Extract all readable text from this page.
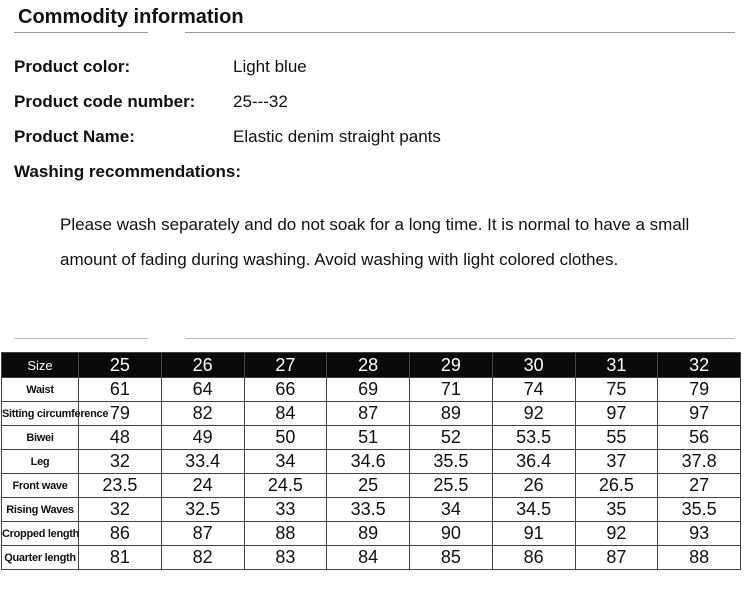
Commodity information
Product color:	Light blue
Product code number: 25---32
Product Name:	Elastic denim straight pants
Washing recommendations:
Please wash separately and do not soak for a long time. It is normal to have a small amount of fading during washing. Avoid washing with light colored clothes.
Size	25	26	27	28	29	30	31	32
Waist	61	64	66	69	71	74	75	79
Sitting circumference	79	82	84	87	89	92	97	97
Biwei	48	49	50	51	52	53.5	55	56
Leg	32	33.4	34	34.6	35.5	36.4	37	37.8
Front wave	23.5	24	24.5	25	25.5	26	26.5	27
Rising Waves	32	32.5	33	33.5	34	34.5	35	35.5
Cropped length	86	87	88	89	90	91	92	93
Quarter length	81	82	83	84	85	86	87	88
